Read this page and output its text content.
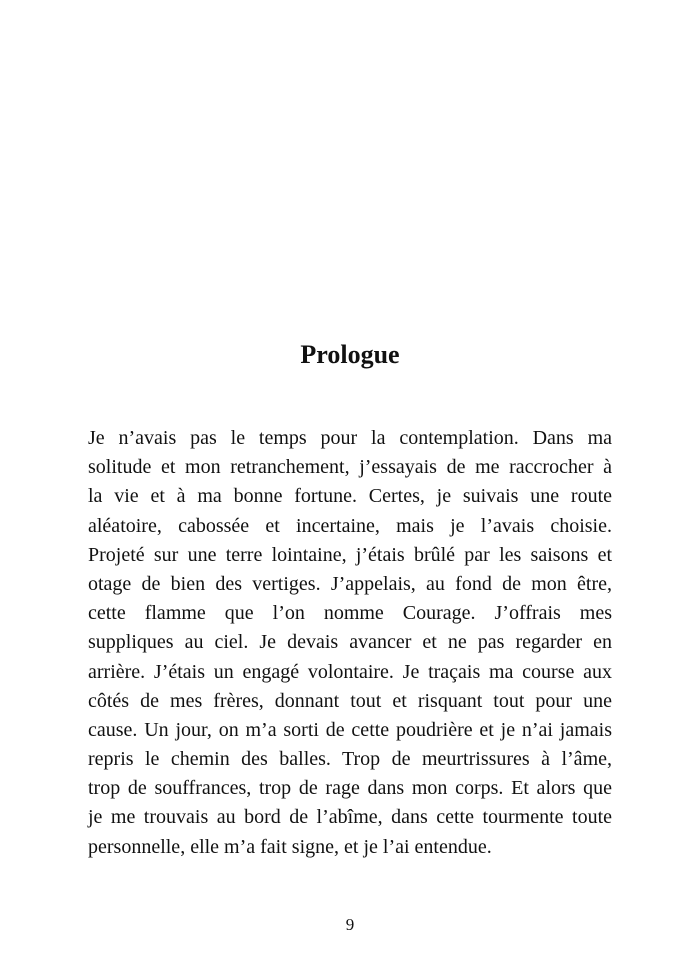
Prologue
Je n’avais pas le temps pour la contemplation. Dans ma
solitude et mon retranchement, j’essayais de me raccrocher à
la vie et à ma bonne fortune. Certes, je suivais une route
aléatoire, cabossée et incertaine, mais je l’avais choisie.
Projeté sur une terre lointaine, j’étais brûlé par les saisons et
otage de bien des vertiges. J’appelais, au fond de mon être,
cette flamme que l’on nomme Courage. J’offrais mes
suppliques au ciel. Je devais avancer et ne pas regarder en
arrière. J’étais un engagé volontaire. Je traçais ma course aux
côtés de mes frères, donnant tout et risquant tout pour une
cause. Un jour, on m’a sorti de cette poudrière et je n’ai jamais
repris le chemin des balles. Trop de meurtrissures à l’âme,
trop de souffrances, trop de rage dans mon corps. Et alors que
je me trouvais au bord de l’abîme, dans cette tourmente toute
personnelle, elle m’a fait signe, et je l’ai entendue.
9
